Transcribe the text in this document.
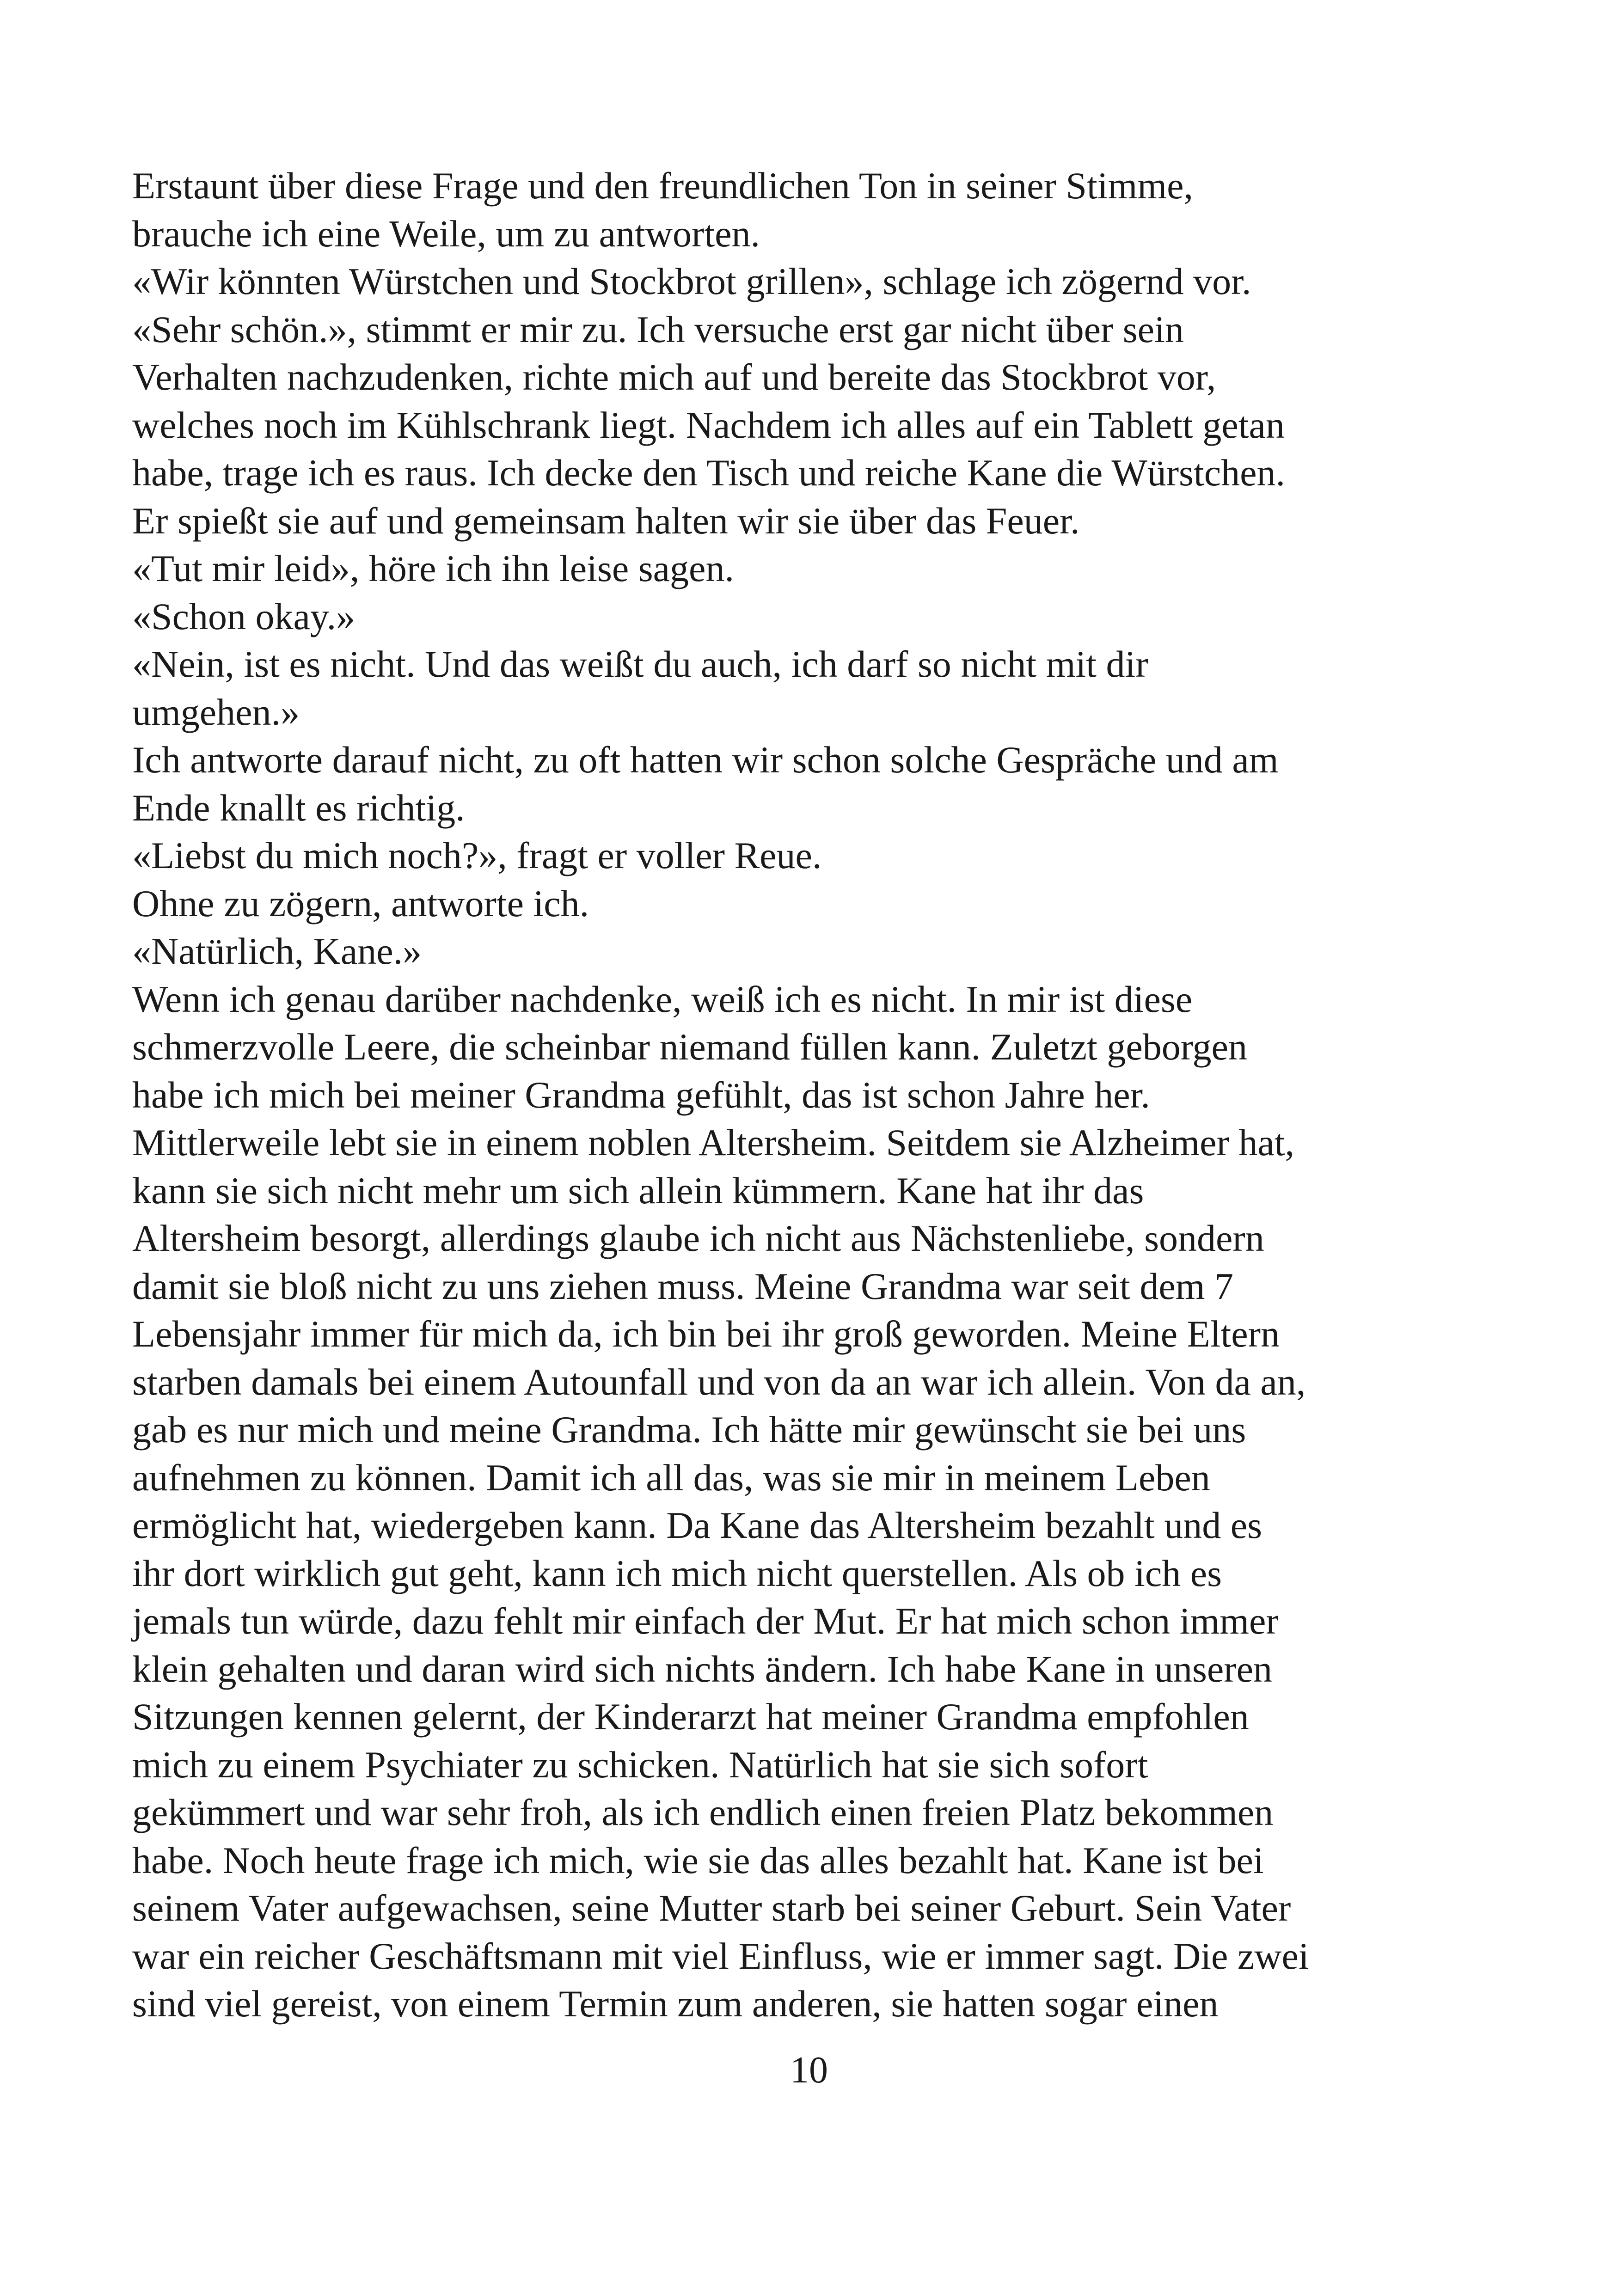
Erstaunt über diese Frage und den freundlichen Ton in seiner Stimme,
brauche ich eine Weile, um zu antworten.
«Wir könnten Würstchen und Stockbrot grillen», schlage ich zögernd vor.
«Sehr schön.», stimmt er mir zu. Ich versuche erst gar nicht über sein
Verhalten nachzudenken, richte mich auf und bereite das Stockbrot vor,
welches noch im Kühlschrank liegt. Nachdem ich alles auf ein Tablett getan
habe, trage ich es raus. Ich decke den Tisch und reiche Kane die Würstchen.
Er spießt sie auf und gemeinsam halten wir sie über das Feuer.
«Tut mir leid», höre ich ihn leise sagen.
«Schon okay.»
«Nein, ist es nicht. Und das weißt du auch, ich darf so nicht mit dir
umgehen.»
Ich antworte darauf nicht, zu oft hatten wir schon solche Gespräche und am
Ende knallt es richtig.
«Liebst du mich noch?», fragt er voller Reue.
Ohne zu zögern, antworte ich.
«Natürlich, Kane.»
Wenn ich genau darüber nachdenke, weiß ich es nicht. In mir ist diese
schmerzvolle Leere, die scheinbar niemand füllen kann. Zuletzt geborgen
habe ich mich bei meiner Grandma gefühlt, das ist schon Jahre her.
Mittlerweile lebt sie in einem noblen Altersheim. Seitdem sie Alzheimer hat,
kann sie sich nicht mehr um sich allein kümmern. Kane hat ihr das
Altersheim besorgt, allerdings glaube ich nicht aus Nächstenliebe, sondern
damit sie bloß nicht zu uns ziehen muss. Meine Grandma war seit dem 7
Lebensjahr immer für mich da, ich bin bei ihr groß geworden. Meine Eltern
starben damals bei einem Autounfall und von da an war ich allein. Von da an,
gab es nur mich und meine Grandma. Ich hätte mir gewünscht sie bei uns
aufnehmen zu können. Damit ich all das, was sie mir in meinem Leben
ermöglicht hat, wiedergeben kann. Da Kane das Altersheim bezahlt und es
ihr dort wirklich gut geht, kann ich mich nicht querstellen. Als ob ich es
jemals tun würde, dazu fehlt mir einfach der Mut. Er hat mich schon immer
klein gehalten und daran wird sich nichts ändern. Ich habe Kane in unseren
Sitzungen kennen gelernt, der Kinderarzt hat meiner Grandma empfohlen
mich zu einem Psychiater zu schicken. Natürlich hat sie sich sofort
gekümmert und war sehr froh, als ich endlich einen freien Platz bekommen
habe. Noch heute frage ich mich, wie sie das alles bezahlt hat. Kane ist bei
seinem Vater aufgewachsen, seine Mutter starb bei seiner Geburt. Sein Vater
war ein reicher Geschäftsmann mit viel Einfluss, wie er immer sagt. Die zwei
sind viel gereist, von einem Termin zum anderen, sie hatten sogar einen
10
